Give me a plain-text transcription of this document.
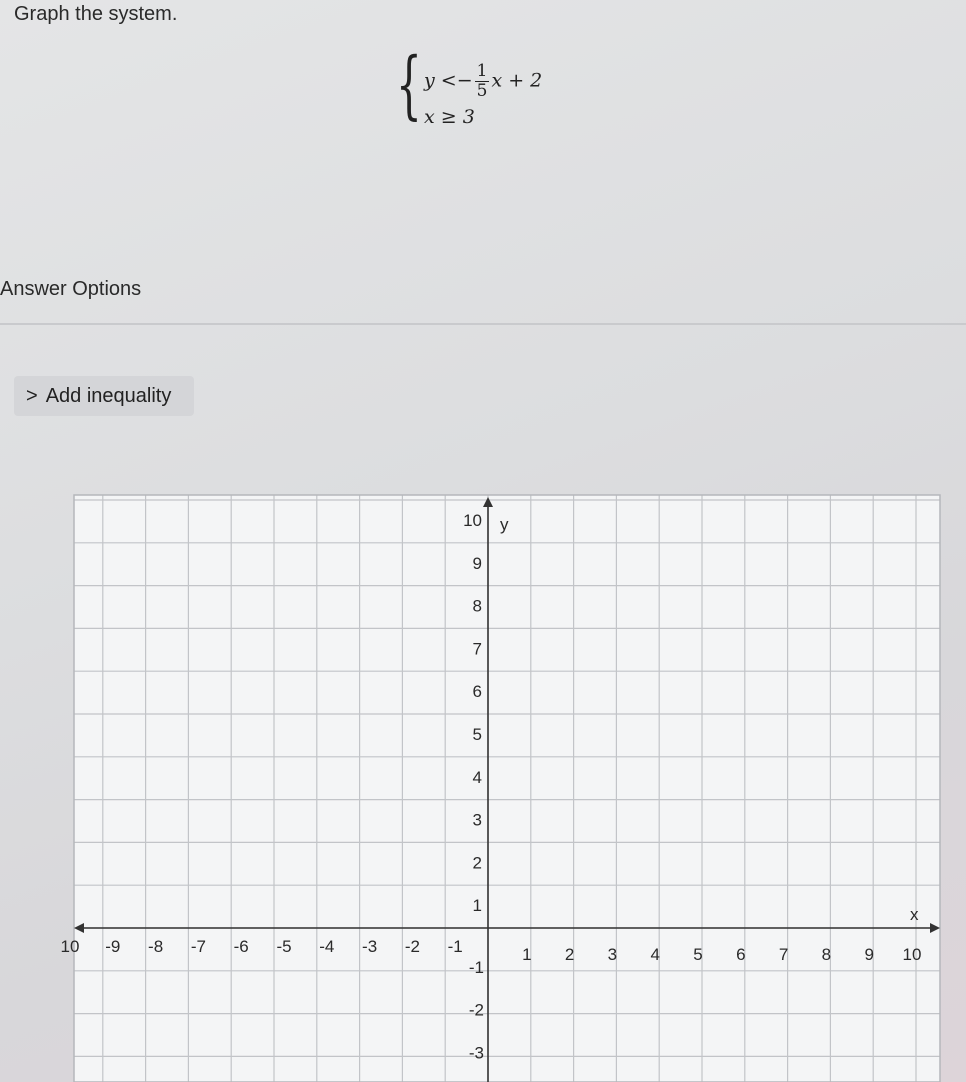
Graph the system.
{ $y <- \frac{1}{5}$ x + 2
x ≥ 3
Answer Options
> Add inequality
10 -9 -8 -7 -6 -5 -4 -3 -2 -1	1 2 3 4 5 6 7 8 9 10
10
9
8
7
6
5
4
3
2
1
-1
-2
-3
x
y
